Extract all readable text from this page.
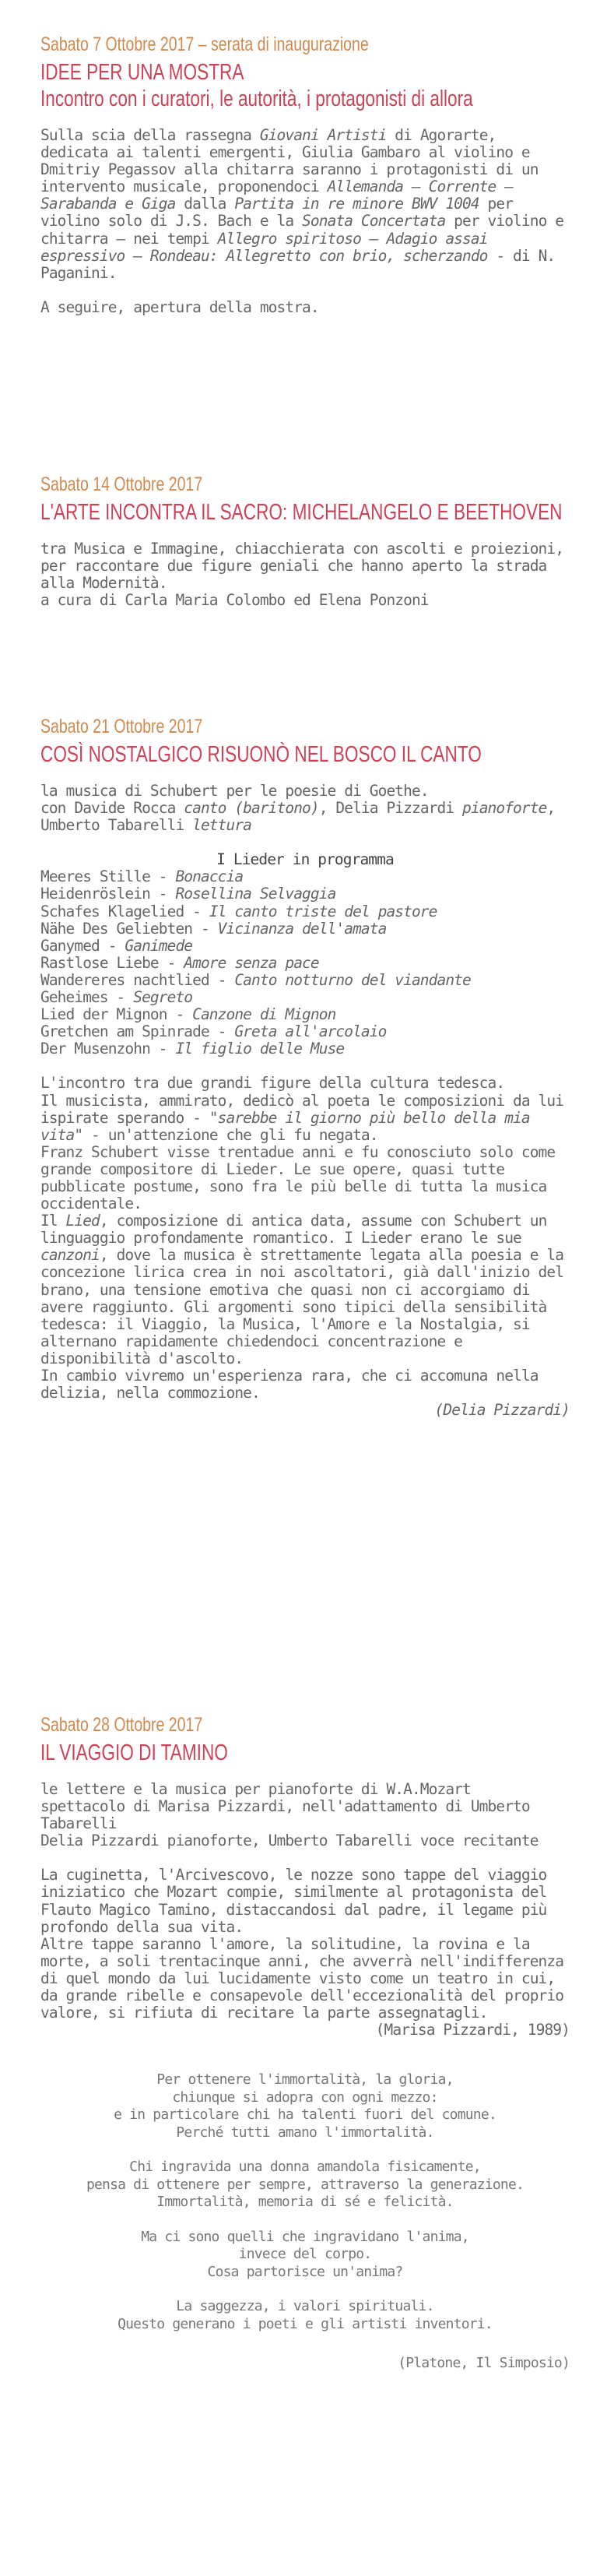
Sabato 7 Ottobre 2017 – serata di inaugurazione
IDEE PER UNA MOSTRA
Incontro con i curatori, le autorità, i protagonisti di allora

Sulla scia della rassegna Giovani Artisti di Agorarte, dedicata ai talenti emergenti, Giulia Gambaro al violino e Dmitriy Pegassov alla chitarra saranno i protagonisti di un intervento musicale, proponendoci Allemanda – Corrente – Sarabanda e Giga dalla Partita in re minore BWV 1004 per violino solo di J.S. Bach e la Sonata Concertata per violino e chitarra – nei tempi Allegro spiritoso – Adagio assai espressivo – Rondeau: Allegretto con brio, scherzando - di N. Paganini.

A seguire, apertura della mostra.

Sabato 14 Ottobre 2017
L'ARTE INCONTRA IL SACRO: MICHELANGELO E BEETHOVEN

tra Musica e Immagine, chiacchierata con ascolti e proiezioni, per raccontare due figure geniali che hanno aperto la strada alla Modernità.

a cura di Carla Maria Colombo ed Elena Ponzoni

Sabato 21 Ottobre 2017
COSÌ NOSTALGICO RISUONÒ NEL BOSCO IL CANTO

la musica di Schubert per le poesie di Goethe.

con Davide Rocca canto (baritono), Delia Pizzardi pianoforte, Umberto Tabarelli lettura

I Lieder in programma

Meeres Stille - Bonaccia

Heidenröslein - Rosellina Selvaggia

Schafes Klagelied - Il canto triste del pastore

Nähe Des Geliebten - Vicinanza dell'amata

Ganymed - Ganimede

Rastlose Liebe - Amore senza pace

Wandereres nachtlied - Canto notturno del viandante

Geheimes - Segreto

Lied der Mignon - Canzone di Mignon

Gretchen am Spinrade - Greta all'arcolaio

Der Musenzohn - Il figlio delle Muse

L'incontro tra due grandi figure della cultura tedesca.

Il musicista, ammirato, dedicò al poeta le composizioni da lui ispirate sperando - "sarebbe il giorno più bello della mia vita" - un'attenzione che gli fu negata.

Franz Schubert visse trentadue anni e fu conosciuto solo come grande compositore di Lieder. Le sue opere, quasi tutte pubblicate postume, sono fra le più belle di tutta la musica occidentale.

Il Lied, composizione di antica data, assume con Schubert un linguaggio profondamente romantico. I Lieder erano le sue canzoni, dove la musica è strettamente legata alla poesia e la concezione lirica crea in noi ascoltatori, già dall'inizio del brano, una tensione emotiva che quasi non ci accorgiamo di avere raggiunto. Gli argomenti sono tipici della sensibilità tedesca: il Viaggio, la Musica, l'Amore e la Nostalgia, si alternano rapidamente chiedendoci concentrazione e disponibilità d'ascolto.

In cambio vivremo un'esperienza rara, che ci accomuna nella delizia, nella commozione.

(Delia Pizzardi)

Sabato 28 Ottobre 2017
IL VIAGGIO DI TAMINO

le lettere e la musica per pianoforte di W.A.Mozart

spettacolo di Marisa Pizzardi, nell'adattamento di Umberto Tabarelli

Delia Pizzardi pianoforte, Umberto Tabarelli voce recitante

La cuginetta, l'Arcivescovo, le nozze sono tappe del viaggio iniziatico che Mozart compie, similmente al protagonista del Flauto Magico Tamino, distaccandosi dal padre, il legame più profondo della sua vita.

Altre tappe saranno l'amore, la solitudine, la rovina e la morte, a soli trentacinque anni, che avverrà nell'indifferenza di quel mondo da lui lucidamente visto come un teatro in cui, da grande ribelle e consapevole dell'eccezionalità del proprio valore, si rifiuta di recitare la parte assegnatagli.

(Marisa Pizzardi, 1989)

Per ottenere l'immortalità, la gloria,

chiunque si adopra con ogni mezzo:

e in particolare chi ha talenti fuori del comune.

Perché tutti amano l'immortalità.

Chi ingravida una donna amandola fisicamente,

pensa di ottenere per sempre, attraverso la generazione.

Immortalità, memoria di sé e felicità.

Ma ci sono quelli che ingravidano l'anima,

invece del corpo.

Cosa partorisce un'anima?

La saggezza, i valori spirituali.

Questo generano i poeti e gli artisti inventori.

(Platone, Il Simposio)
